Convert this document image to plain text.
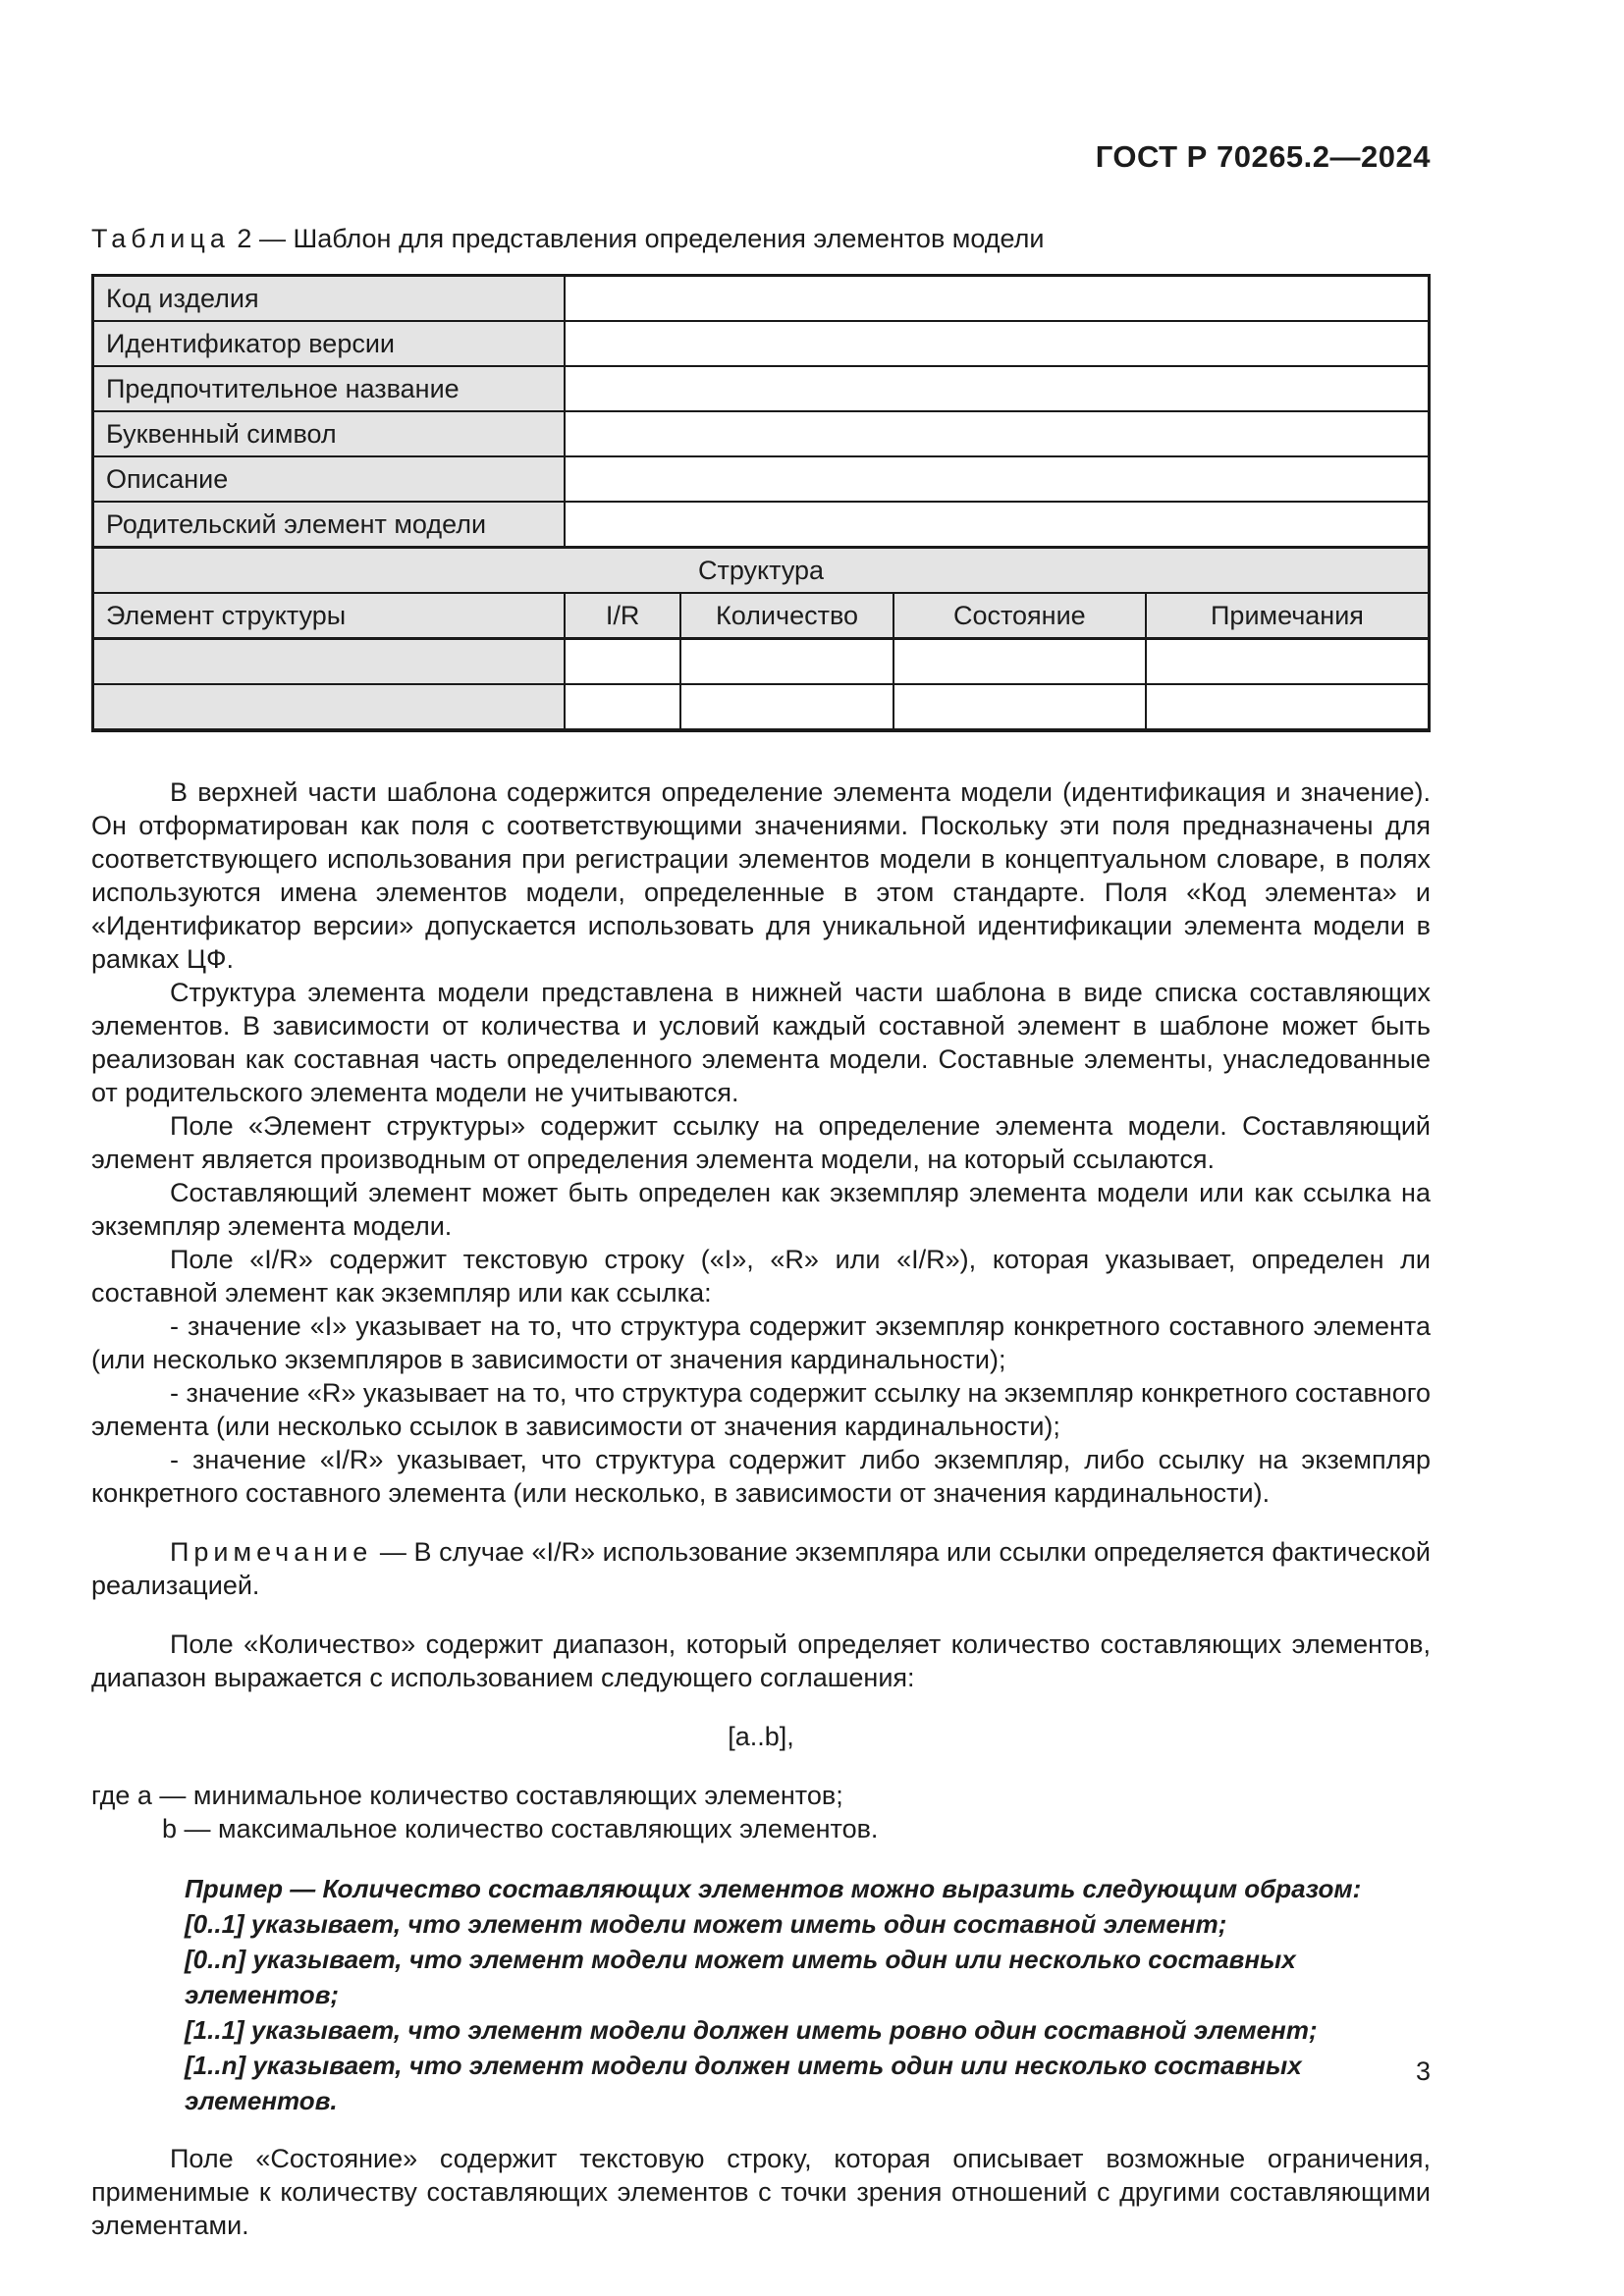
ГОСТ Р 70265.2—2024
Таблица 2 — Шаблон для представления определения элементов модели
Код изделия				
Идентификатор версии				
Предпочтительное название				
Буквенный символ				
Описание				
Родительский элемент модели				
Структура				
Элемент структуры	I/R	Количество	Состояние	Примечания

В верхней части шаблона содержится определение элемента модели (идентификация и значение). Он отформатирован как поля с соответствующими значениями. Поскольку эти поля предназначены для соответствующего использования при регистрации элементов модели в концептуальном словаре, в полях используются имена элементов модели, определенные в этом стандарте. Поля «Код элемента» и «Идентификатор версии» допускается использовать для уникальной идентификации элемента модели в рамках ЦФ.

Структура элемента модели представлена в нижней части шаблона в виде списка составляющих элементов. В зависимости от количества и условий каждый составной элемент в шаблоне может быть реализован как составная часть определенного элемента модели. Составные элементы, унаследованные от родительского элемента модели не учитываются.

Поле «Элемент структуры» содержит ссылку на определение элемента модели. Составляющий элемент является производным от определения элемента модели, на который ссылаются.

Составляющий элемент может быть определен как экземпляр элемента модели или как ссылка на экземпляр элемента модели.

Поле «I/R» содержит текстовую строку («I», «R» или «I/R»), которая указывает, определен ли составной элемент как экземпляр или как ссылка:

- значение «I» указывает на то, что структура содержит экземпляр конкретного составного элемента (или несколько экземпляров в зависимости от значения кардинальности);

- значение «R» указывает на то, что структура содержит ссылку на экземпляр конкретного составного элемента (или несколько ссылок в зависимости от значения кардинальности);

- значение «I/R» указывает, что структура содержит либо экземпляр, либо ссылку на экземпляр конкретного составного элемента (или несколько, в зависимости от значения кардинальности).

Примечание — В случае «I/R» использование экземпляра или ссылки определяется фактической реализацией.

Поле «Количество» содержит диапазон, который определяет количество составляющих элементов, диапазон выражается с использованием следующего соглашения:

[a..b],

где a — минимальное количество составляющих элементов;

b — максимальное количество составляющих элементов.

Пример — Количество составляющих элементов можно выразить следующим образом:
[0..1] указывает, что элемент модели может иметь один составной элемент;
[0..n] указывает, что элемент модели может иметь один или несколько составных элементов;
[1..1] указывает, что элемент модели должен иметь ровно один составной элемент;
[1..n] указывает, что элемент модели должен иметь один или несколько составных элементов.

Поле «Состояние» содержит текстовую строку, которая описывает возможные ограничения, применимые к количеству составляющих элементов с точки зрения отношений с другими составляющими элементами.

3
